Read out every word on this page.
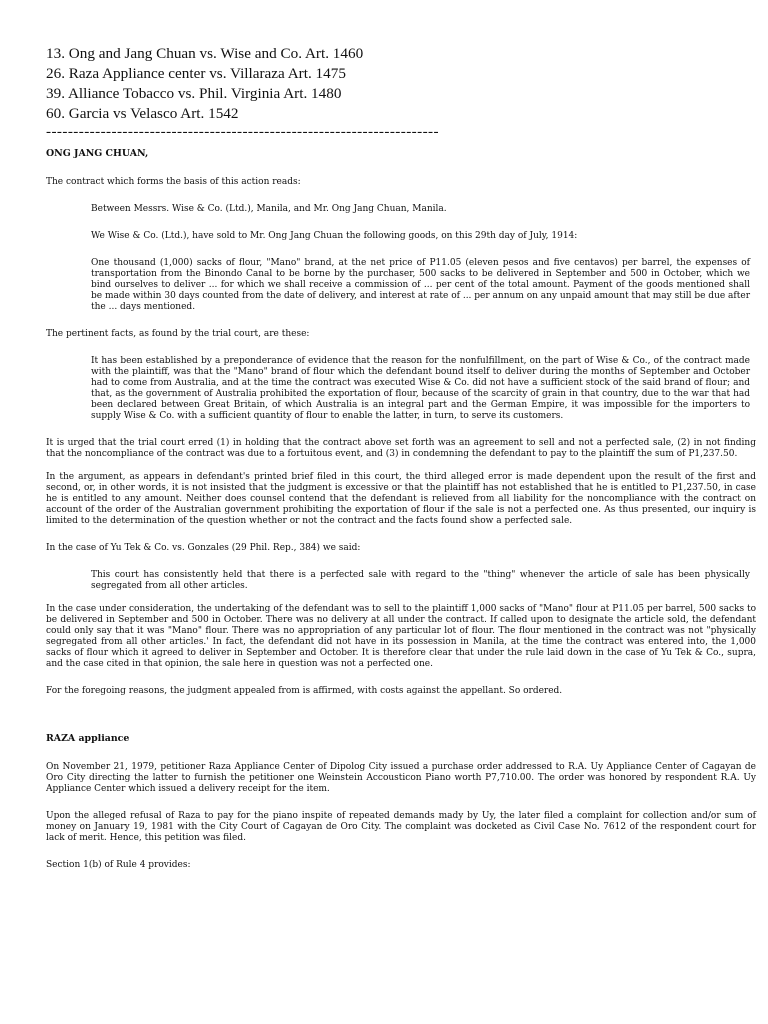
13. Ong and Jang Chuan vs. Wise and Co. Art. 1460
26. Raza Appliance center vs. Villaraza Art. 1475
39. Alliance Tobacco vs. Phil. Virginia Art. 1480
60. Garcia vs Velasco Art. 1542
------------------------------------------------------------------------
ONG JANG CHUAN,

The contract which forms the basis of this action reads:

Between Messrs. Wise & Co. (Ltd.), Manila, and Mr. Ong Jang Chuan, Manila.

We Wise & Co. (Ltd.), have sold to Mr. Ong Jang Chuan the following goods, on this 29th day of July, 1914:

One thousand (1,000) sacks of flour, "Mano" brand, at the net price of P11.05 (eleven pesos and five centavos) per barrel, the expenses of transportation from the Binondo Canal to be borne by the purchaser, 500 sacks to be delivered in September and 500 in October, which we bind ourselves to deliver ... for which we shall receive a commission of ... per cent of the total amount. Payment of the goods mentioned shall be made within 30 days counted from the date of delivery, and interest at rate of ... per annum on any unpaid amount that may still be due after the ... days mentioned.

The pertinent facts, as found by the trial court, are these:

It has been established by a preponderance of evidence that the reason for the nonfulfillment, on the part of Wise & Co., of the contract made with the plaintiff, was that the "Mano" brand of flour which the defendant bound itself to deliver during the months of September and October had to come from Australia, and at the time the contract was executed Wise & Co. did not have a sufficient stock of the said brand of flour; and that, as the government of Australia prohibited the exportation of flour, because of the scarcity of grain in that country, due to the war that had been declared between Great Britain, of which Australia is an integral part and the German Empire, it was impossible for the importers to supply Wise & Co. with a sufficient quantity of flour to enable the latter, in turn, to serve its customers.

It is urged that the trial court erred (1) in holding that the contract above set forth was an agreement to sell and not a perfected sale, (2) in not finding that the noncompliance of the contract was due to a fortuitous event, and (3) in condemning the defendant to pay to the plaintiff the sum of P1,237.50.

In the argument, as appears in defendant's printed brief filed in this court, the third alleged error is made dependent upon the result of the first and second, or, in other words, it is not insisted that the judgment is excessive or that the plaintiff has not established that he is entitled to P1,237.50, in case he is entitled to any amount. Neither does counsel contend that the defendant is relieved from all liability for the noncompliance with the contract on account of the order of the Australian government prohibiting the exportation of flour if the sale is not a perfected one. As thus presented, our inquiry is limited to the determination of the question whether or not the contract and the facts found show a perfected sale.

In the case of Yu Tek & Co. vs. Gonzales (29 Phil. Rep., 384) we said:

This court has consistently held that there is a perfected sale with regard to the "thing" whenever the article of sale has been physically segregated from all other articles.

In the case under consideration, the undertaking of the defendant was to sell to the plaintiff 1,000 sacks of "Mano" flour at P11.05 per barrel, 500 sacks to be delivered in September and 500 in October. There was no delivery at all under the contract. If called upon to designate the article sold, the defendant could only say that it was "Mano" flour. There was no appropriation of any particular lot of flour. The flour mentioned in the contract was not "physically segregated from all other articles.' In fact, the defendant did not have in its possession in Manila, at the time the contract was entered into, the 1,000 sacks of flour which it agreed to deliver in September and October. It is therefore clear that under the rule laid down in the case of Yu Tek & Co., supra, and the case cited in that opinion, the sale here in question was not a perfected one.

For the foregoing reasons, the judgment appealed from is affirmed, with costs against the appellant. So ordered.

RAZA appliance

On November 21, 1979, petitioner Raza Appliance Center of Dipolog City issued a purchase order addressed to R.A. Uy Appliance Center of Cagayan de Oro City directing the latter to furnish the petitioner one Weinstein Accousticon Piano worth P7,710.00. The order was honored by respondent R.A. Uy Appliance Center which issued a delivery receipt for the item.

Upon the alleged refusal of Raza to pay for the piano inspite of repeated demands mady by Uy, the later filed a complaint for collection and/or sum of money on January 19, 1981 with the City Court of Cagayan de Oro City. The complaint was docketed as Civil Case No. 7612 of the respondent court for lack of merit. Hence, this petition was filed.

Section 1(b) of Rule 4 provides:
